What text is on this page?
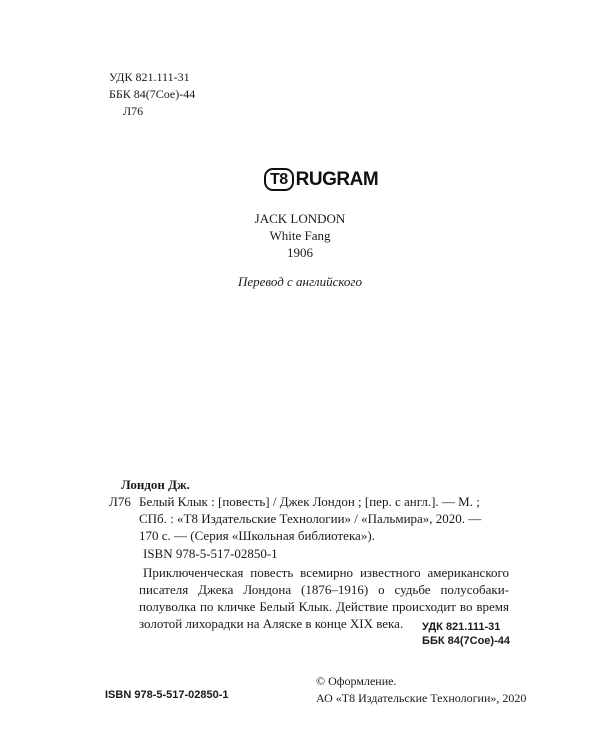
УДК 821.111-31
ББК 84(7Сое)-44
Л76
T8 RUGRAM
JACK LONDON
White Fang
1906
Перевод с английского
Лондон Дж.
Л76 Белый Клык : [повесть] / Джек Лондон ; [пер. с англ.]. — М. ;
СПб. : «Т8 Издательские Технологии» / «Пальмира», 2020. —
170 с. — (Серия «Школьная библиотека»).
ISBN 978-5-517-02850-1
Приключенческая повесть всемирно известного американского писателя Джека Лондона (1876–1916) о судьбе полусобаки-полуволка по кличке Белый Клык. Действие происходит во время золотой лихорадки на Аляске в конце XIX века.	УДК 821.111-31
ББК 84(7Сое)-44
© Оформление.
АО «Т8 Издательские Технологии», 2020
ISBN 978-5-517-02850-1
